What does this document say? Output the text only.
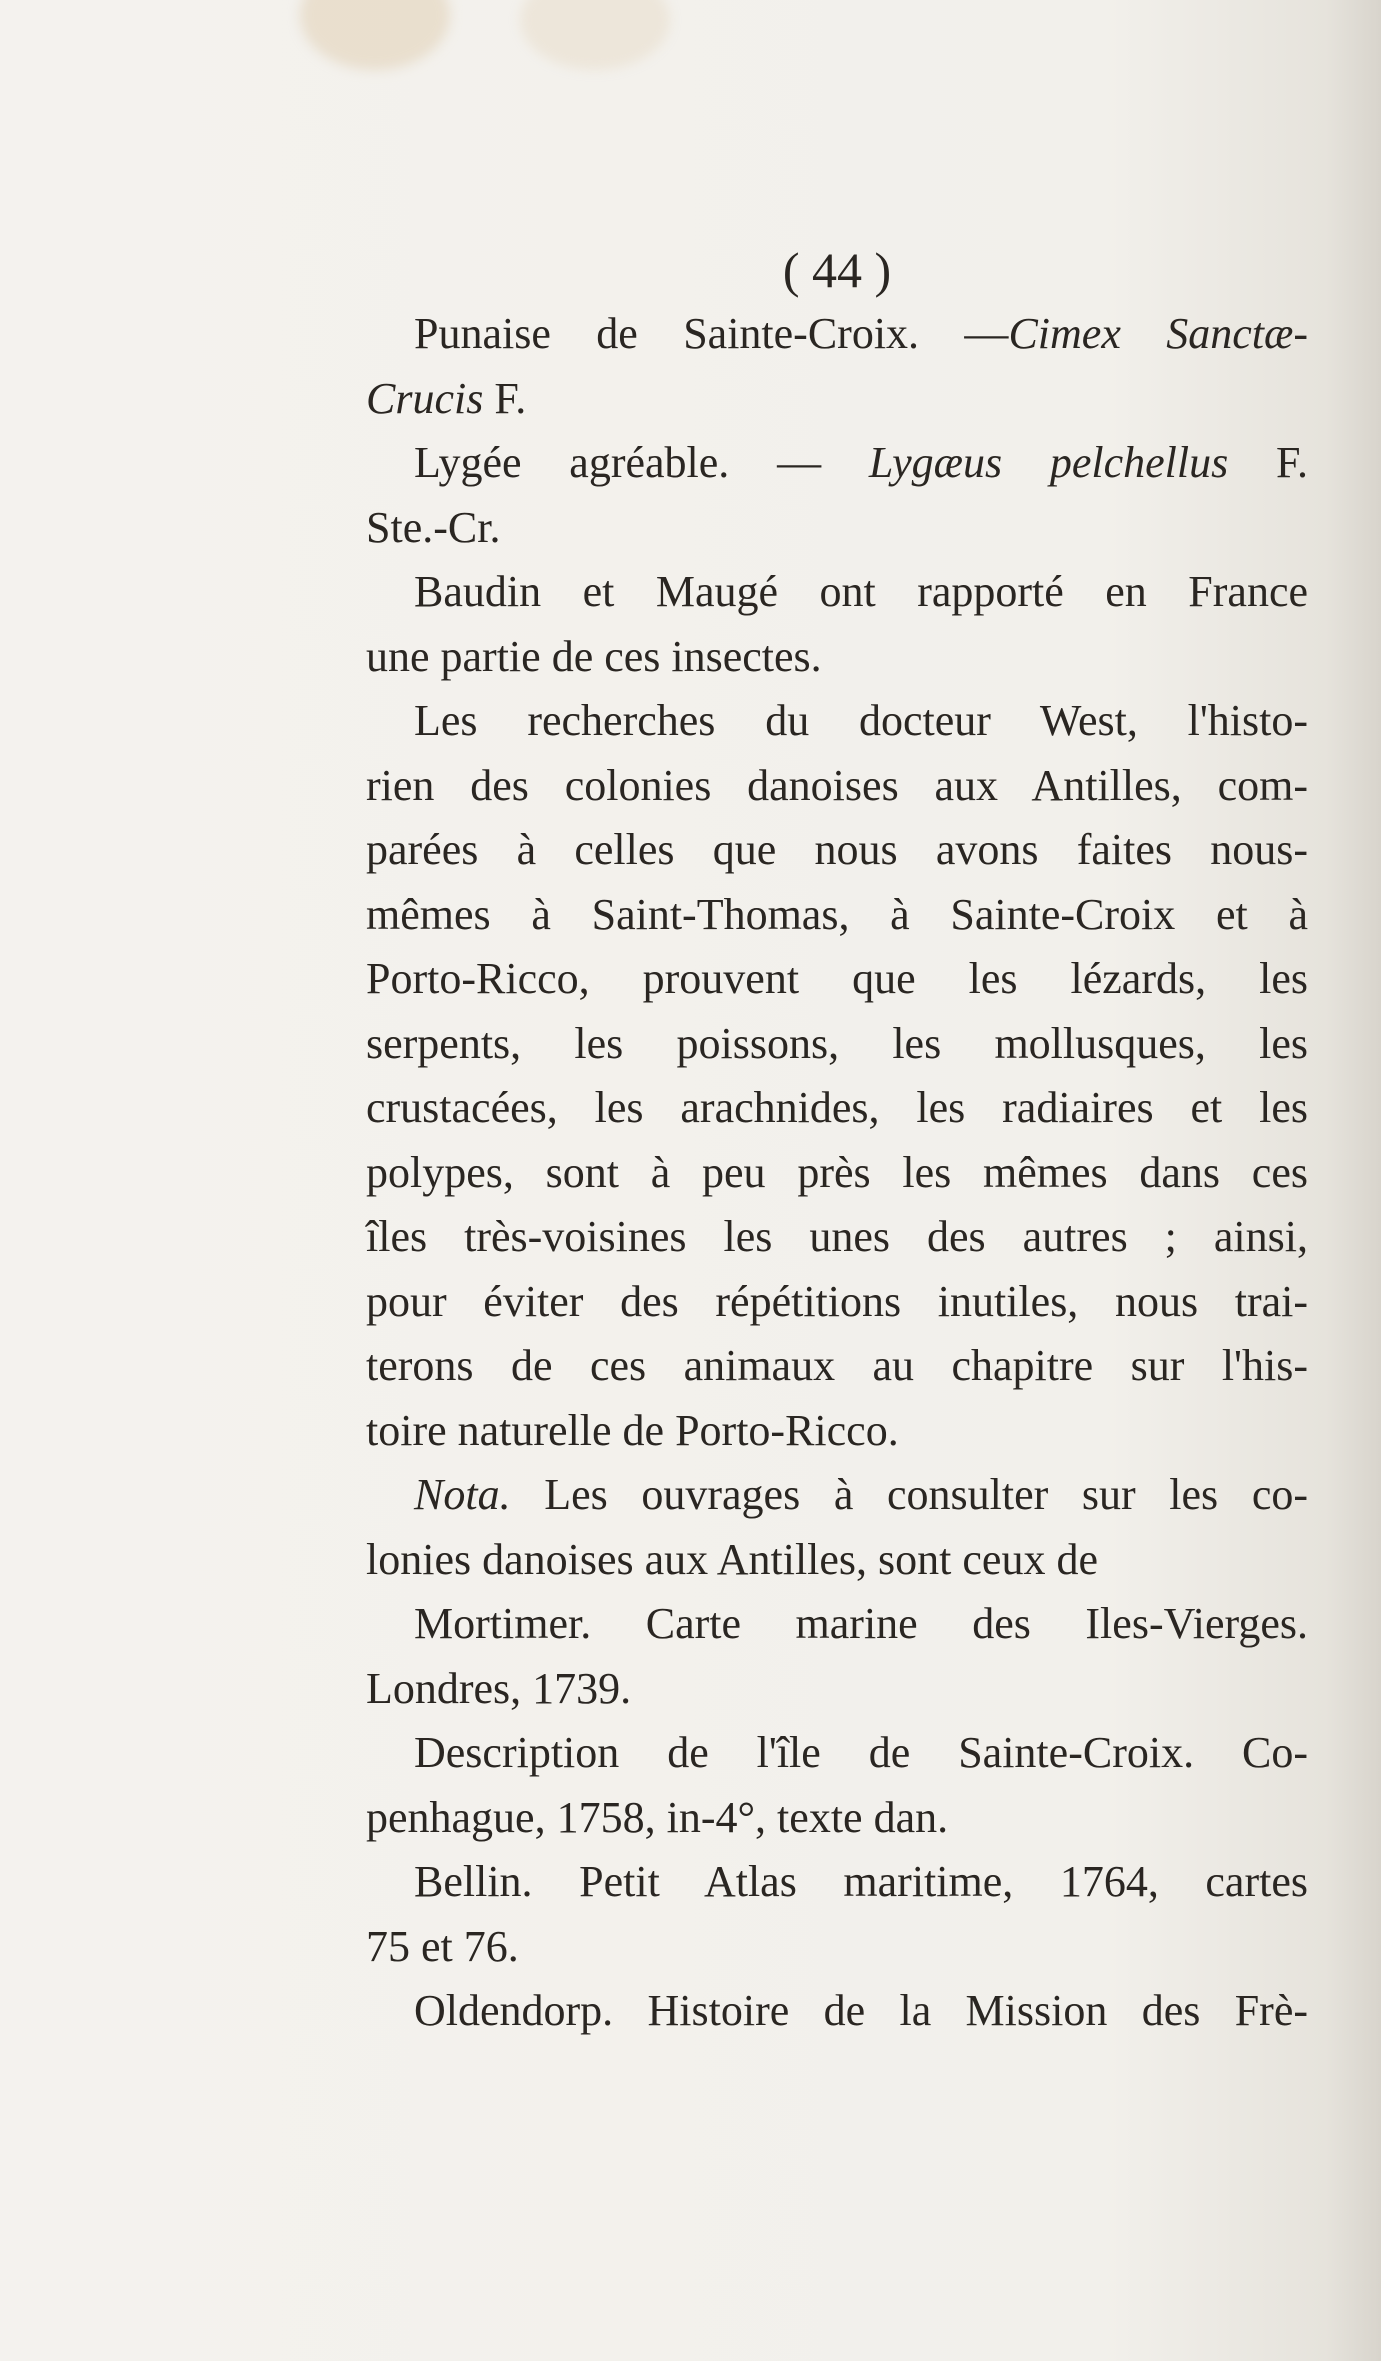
( 44 )

Punaise de Sainte-Croix. —Cimex Sanctæ-
Crucis F.

Lygée agréable. — Lygæus pelchellus F.
Ste.-Cr.

Baudin et Maugé ont rapporté en France
une partie de ces insectes.

Les recherches du docteur West, l'histo-
rien des colonies danoises aux Antilles, com-
parées à celles que nous avons faites nous-
mêmes à Saint-Thomas, à Sainte-Croix et à
Porto-Ricco, prouvent que les lézards, les
serpents, les poissons, les mollusques, les
crustacées, les arachnides, les radiaires et les
polypes, sont à peu près les mêmes dans ces
îles très-voisines les unes des autres ; ainsi,
pour éviter des répétitions inutiles, nous trai-
terons de ces animaux au chapitre sur l'his-
toire naturelle de Porto-Ricco.

Nota. Les ouvrages à consulter sur les co-
lonies danoises aux Antilles, sont ceux de

Mortimer. Carte marine des Iles-Vierges.
Londres, 1739.

Description de l'île de Sainte-Croix. Co-
penhague, 1758, in-4°, texte dan.

Bellin. Petit Atlas maritime, 1764, cartes
75 et 76.

Oldendorp. Histoire de la Mission des Frè-
